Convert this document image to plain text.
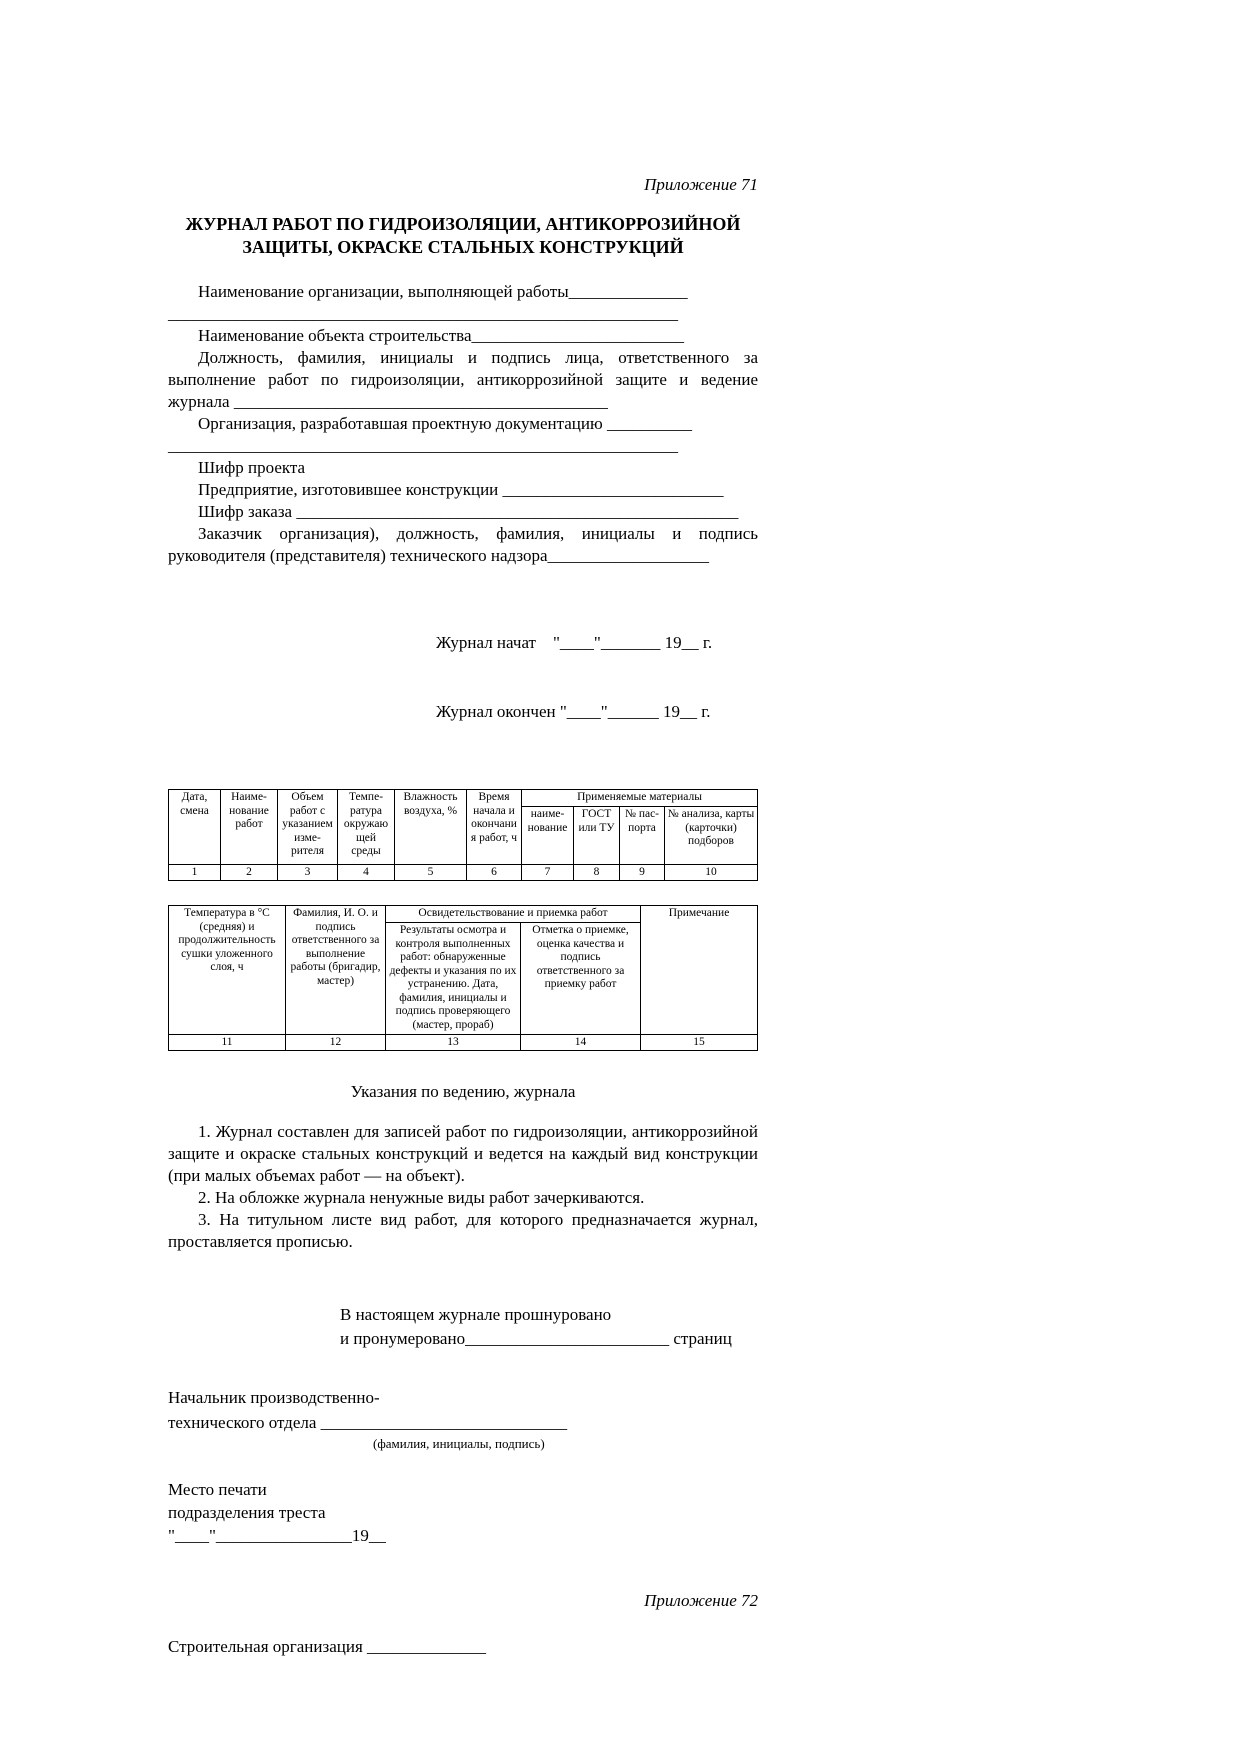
Приложение 71
ЖУРНАЛ РАБОТ ПО ГИДРОИЗОЛЯЦИИ, АНТИКОРРОЗИЙНОЙ ЗАЩИТЫ, ОКРАСКЕ СТАЛЬНЫХ КОНСТРУКЦИЙ

Наименование организации, выполняющей работы______________

____________________________________________________________

Наименование объекта строительства_________________________

Должность, фамилия, инициалы и подпись лица, ответственного за выполнение работ по гидроизоляции, антикоррозийной защите и ведение журнала ____________________________________________

Организация, разработавшая проектную документацию __________

____________________________________________________________

Шифр проекта

Предприятие, изготовившее конструкции __________________________

Шифр заказа ____________________________________________________

Заказчик организация), должность, фамилия, инициалы и подпись руководителя (представителя) технического надзора___________________

Журнал начат    "____"_______ 19__ г.

Журнал окончен "____"______ 19__ г.

Дата, смена	Наиме-нование работ	Объем работ с указанием изме-рителя	Темпе-ратура окружающей среды	Влажность воздуха, %	Время начала и окончания работ, ч	Применяемые материалы			
						наиме-нование	ГОСТ или ТУ	№ пас-порта	№ анализа, карты (карточки) подборов
1	2	3	4	5	6	7	8	9	10
Температура в °С (средняя) и продолжительность сушки уложенного слоя, ч	Фамилия, И. О. и подпись ответственного за выполнение работы (бригадир, мастер)	Освидетельствование и приемка работ		Примечание
		Результаты осмотра и контроля выполненных работ: обнаруженные дефекты и указания по их устранению. Дата, фамилия, инициалы и подпись проверяющего (мастер, прораб)	Отметка о приемке, оценка качества и подпись ответственного за приемку работ	
11	12	13	14	15
Указания по ведению, журнала

1. Журнал составлен для записей работ по гидроизоляции, антикоррозийной защите и окраске стальных конструкций и ведется на каждый вид конструкции (при малых объемах работ — на объект).

2. На обложке журнала ненужные виды работ зачеркиваются.

3. На титульном листе вид работ, для которого предназначается журнал, проставляется прописью.

В настоящем журнале прошнуровано
и пронумеровано________________________ страниц
Начальник производственно-
технического отдела _____________________________
(фамилия, инициалы, подпись)
Место печати
подразделения треста
"____"________________19__
Приложение 72

Строительная организация ______________
